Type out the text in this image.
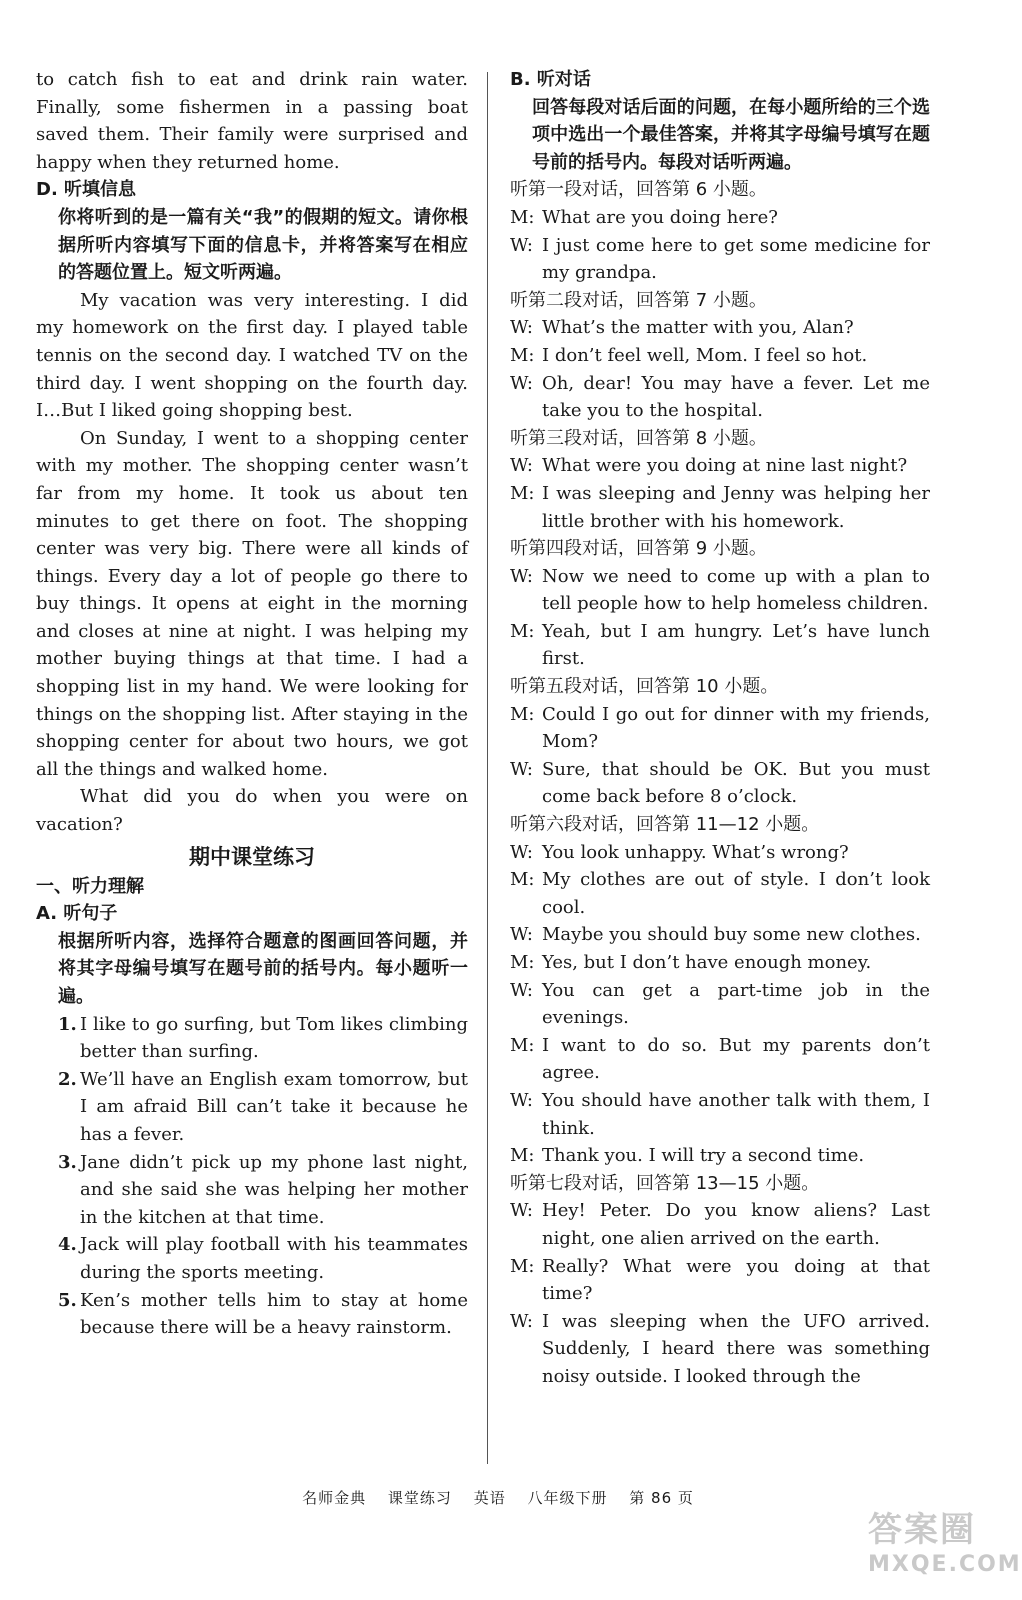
to catch fish to eat and drink rain water. Finally, some fishermen in a passing boat saved them. Their family were surprised and happy when they returned home.

D. 听填信息

你将听到的是一篇有关“我”的假期的短文。请你根据所听内容填写下面的信息卡，并将答案写在相应的答题位置上。短文听两遍。

My vacation was very interesting. I did my homework on the first day. I played table tennis on the second day. I watched TV on the third day. I went shopping on the fourth day. I…But I liked going shopping best.

On Sunday, I went to a shopping center with my mother. The shopping center wasn’t far from my home. It took us about ten minutes to get there on foot. The shopping center was very big. There were all kinds of things. Every day a lot of people go there to buy things. It opens at eight in the morning and closes at nine at night. I was helping my mother buying things at that time. I had a shopping list in my hand. We were looking for things on the shopping list. After staying in the shopping center for about two hours, we got all the things and walked home.

What did you do when you were on vacation?

期中课堂练习

一、听力理解

A. 听句子

根据所听内容，选择符合题意的图画回答问题，并将其字母编号填写在题号前的括号内。每小题听一遍。

1. I like to go surfing, but Tom likes climbing better than surfing.
2. We’ll have an English exam tomorrow, but I am afraid Bill can’t take it because he has a fever.
3. Jane didn’t pick up my phone last night, and she said she was helping her mother in the kitchen at that time.
4. Jack will play football with his teammates during the sports meeting.
5. Ken’s mother tells him to stay at home because there will be a heavy rainstorm.

B. 听对话

回答每段对话后面的问题，在每小题所给的三个选项中选出一个最佳答案，并将其字母编号填写在题号前的括号内。每段对话听两遍。

听第一段对话，回答第 6 小题。

M: What are you doing here?
W: I just come here to get some medicine for my grandpa.

听第二段对话，回答第 7 小题。

W: What’s the matter with you, Alan?
M: I don’t feel well, Mom. I feel so hot.
W: Oh, dear! You may have a fever. Let me take you to the hospital.

听第三段对话，回答第 8 小题。

W: What were you doing at nine last night?
M: I was sleeping and Jenny was helping her little brother with his homework.

听第四段对话，回答第 9 小题。

W: Now we need to come up with a plan to tell people how to help homeless children.
M: Yeah, but I am hungry. Let’s have lunch first.

听第五段对话，回答第 10 小题。

M: Could I go out for dinner with my friends, Mom?
W: Sure, that should be OK. But you must come back before 8 o’clock.

听第六段对话，回答第 11—12 小题。

W: You look unhappy. What’s wrong?
M: My clothes are out of style. I don’t look cool.
W: Maybe you should buy some new clothes.
M: Yes, but I don’t have enough money.
W: You can get a part-time job in the evenings.
M: I want to do so. But my parents don’t agree.
W: You should have another talk with them, I think.
M: Thank you. I will try a second time.

听第七段对话，回答第 13—15 小题。

W: Hey! Peter. Do you know aliens? Last night, one alien arrived on the earth.
M: Really? What were you doing at that time?
W: I was sleeping when the UFO arrived. Suddenly, I heard there was something noisy outside. I looked through the
名师金典 课堂练习 英语 八年级下册 第 86 页
答案圈
MXQE.COM
